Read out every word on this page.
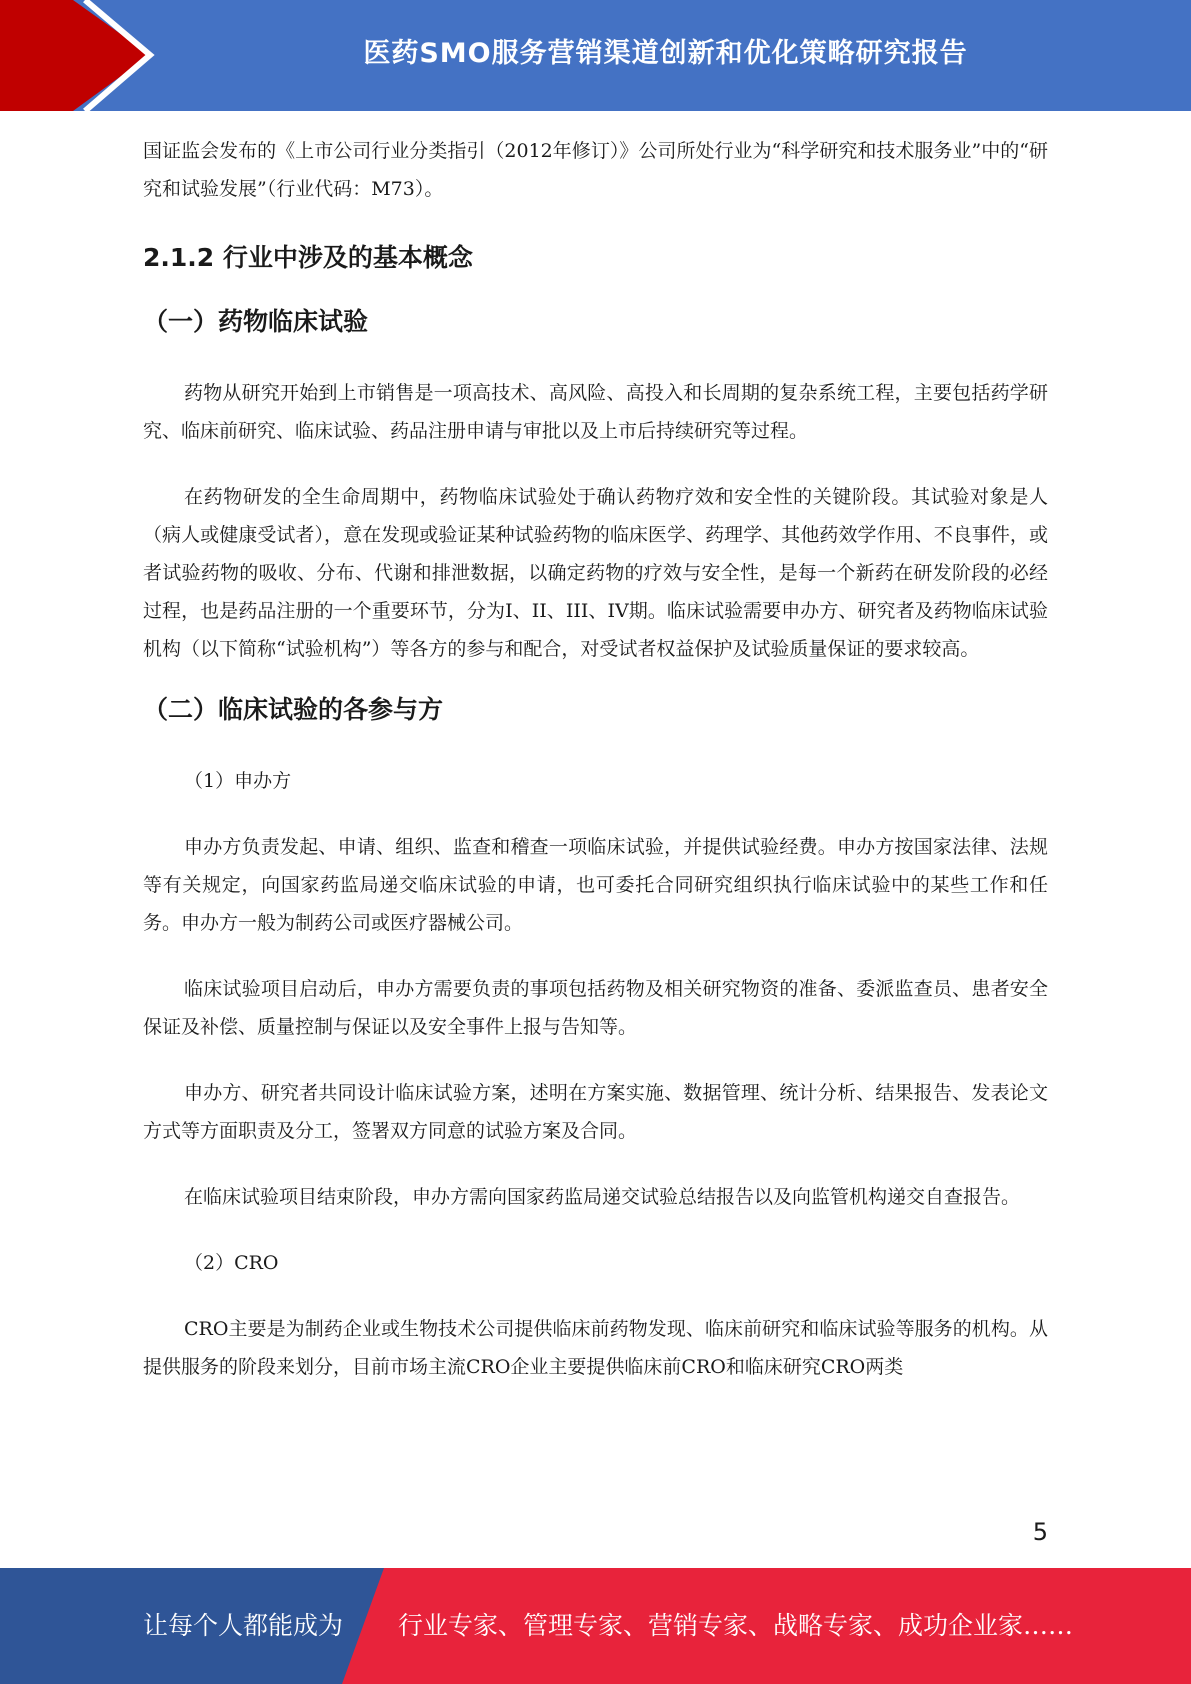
医药SMO服务营销渠道创新和优化策略研究报告

国证监会发布的《上市公司行业分类指引（2012年修订）》公司所处行业为“科学研究和技术服务业”中的“研究和试验发展”（行业代码：M73）。

2.1.2 行业中涉及的基本概念
（一）药物临床试验

药物从研究开始到上市销售是一项高技术、高风险、高投入和长周期的复杂系统工程，主要包括药学研究、临床前研究、临床试验、药品注册申请与审批以及上市后持续研究等过程。

在药物研发的全生命周期中，药物临床试验处于确认药物疗效和安全性的关键阶段。其试验对象是人（病人或健康受试者），意在发现或验证某种试验药物的临床医学、药理学、其他药效学作用、不良事件，或者试验药物的吸收、分布、代谢和排泄数据，以确定药物的疗效与安全性，是每一个新药在研发阶段的必经过程，也是药品注册的一个重要环节，分为I、II、III、IV期。临床试验需要申办方、研究者及药物临床试验机构（以下简称“试验机构”）等各方的参与和配合，对受试者权益保护及试验质量保证的要求较高。

（二）临床试验的各参与方

（1）申办方

申办方负责发起、申请、组织、监查和稽查一项临床试验，并提供试验经费。申办方按国家法律、法规等有关规定，向国家药监局递交临床试验的申请，也可委托合同研究组织执行临床试验中的某些工作和任务。申办方一般为制药公司或医疗器械公司。

临床试验项目启动后，申办方需要负责的事项包括药物及相关研究物资的准备、委派监查员、患者安全保证及补偿、质量控制与保证以及安全事件上报与告知等。

申办方、研究者共同设计临床试验方案，述明在方案实施、数据管理、统计分析、结果报告、发表论文方式等方面职责及分工，签署双方同意的试验方案及合同。

在临床试验项目结束阶段，申办方需向国家药监局递交试验总结报告以及向监管机构递交自查报告。

（2）CRO

CRO主要是为制药企业或生物技术公司提供临床前药物发现、临床前研究和临床试验等服务的机构。从提供服务的阶段来划分，目前市场主流CRO企业主要提供临床前CRO和临床研究CRO两类

5
让每个人都能成为 行业专家、管理专家、营销专家、战略专家、成功企业家……
